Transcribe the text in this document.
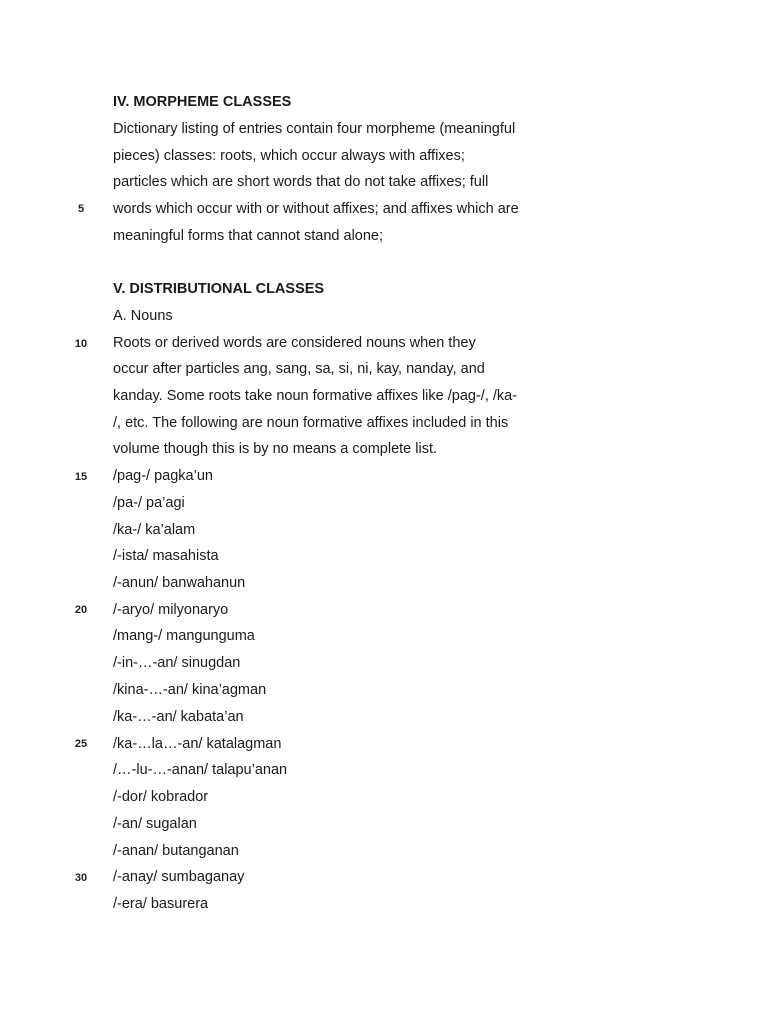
5
10
15
20
25
30
IV. MORPHEME CLASSES
Dictionary listing of entries contain four morpheme (meaningful
pieces) classes: roots, which occur always with affixes;
particles which are short words that do not take affixes; full
words which occur with or without affixes; and affixes which are
meaningful forms that cannot stand alone;
V. DISTRIBUTIONAL CLASSES
A. Nouns
Roots or derived words are considered nouns when they
occur after particles ang, sang, sa, si, ni, kay, nanday, and
kanday. Some roots take noun formative affixes like /pag-/, /ka-
/, etc. The following are noun formative affixes included in this
volume though this is by no means a complete list.
/pag-/ pagka’un
/pa-/ pa’agi
/ka-/ ka’alam
/-ista/ masahista
/-anun/ banwahanun
/-aryo/ milyonaryo
/mang-/ mangunguma
/-in-…-an/ sinugdan
/kina-…-an/ kina’agman
/ka-…-an/ kabata’an
/ka-…la…-an/ katalagman
/…-lu-…-anan/ talapu’anan
/-dor/ kobrador
/-an/ sugalan
/-anan/ butanganan
/-anay/ sumbaganay
/-era/ basurera
